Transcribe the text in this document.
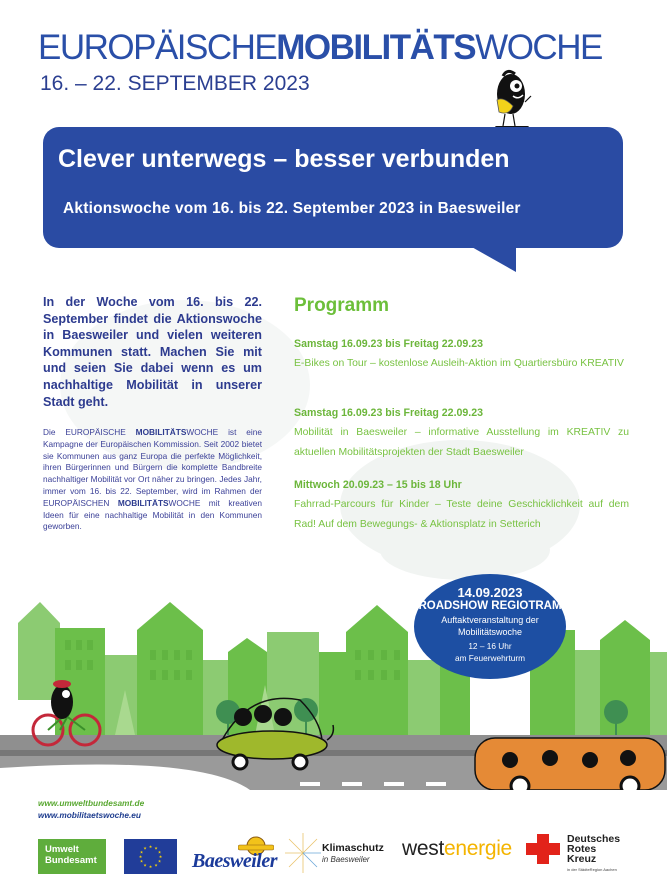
EUROPÄISCHEMOBILITÄTSWOCHE
16. – 22. SEPTEMBER 2023
Clever unterwegs – besser verbunden
Aktionswoche vom 16. bis 22. September 2023 in Baesweiler
In der Woche vom 16. bis 22. September findet die Aktionswoche in Baesweiler und vielen weiteren Kommunen statt. Machen Sie mit und seien Sie dabei wenn es um nachhaltige Mobilität in unserer Stadt geht.
Die EUROPÄISCHE MOBILITÄTSWOCHE ist eine Kampagne der Europäischen Kommission. Seit 2002 bietet sie Kommunen aus ganz Europa die perfekte Möglichkeit, ihren Bürgerinnen und Bürgern die komplette Bandbreite nachhaltiger Mobilität vor Ort näher zu bringen. Jedes Jahr, immer vom 16. bis 22. September, wird im Rahmen der EUROPÄISCHEN MOBILITÄTSWOCHE mit kreativen Ideen für eine nachhaltige Mobilität in den Kommunen geworben.
Programm
Samstag 16.09.23 bis Freitag 22.09.23
E-Bikes on Tour – kostenlose Ausleih-Aktion im Quartiersbüro KREATIV
Samstag 16.09.23 bis Freitag 22.09.23
Mobilität in Baesweiler – informative Ausstellung im KREATIV zu aktuellen Mobilitätsprojekten der Stadt Baesweiler
Mittwoch 20.09.23 – 15 bis 18 Uhr
Fahrrad-Parcours für Kinder – Teste deine Geschicklichkeit auf dem Rad! Auf dem Bewegungs- & Aktionsplatz in Setterich
14.09.2023
ROADSHOW REGIOTRAM
Auftaktveranstaltung der
Mobilitätswoche
12 – 16 Uhr
am Feuerwehrturm
www.umweltbundesamt.de
www.mobilitaetswoche.eu
Umwelt
Bundesamt
★ ★
★
★
★
★
★
★
★
★
★
★
Baesweiler
Klimaschutz
in Baesweiler westenergie	Deutsches
Rotes
Kreuz
in der StädteRegion Aachen
